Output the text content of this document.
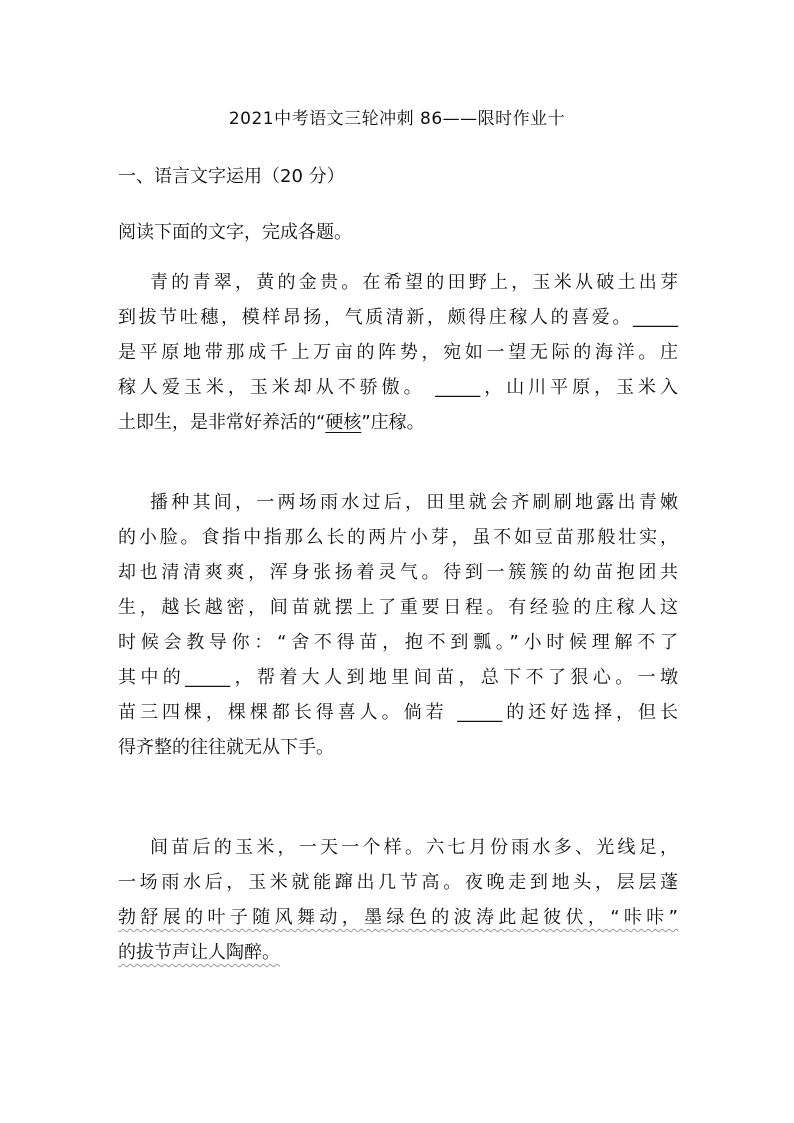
2021中考语文三轮冲刺 86——限时作业十
一、语言文字运用（20 分）
阅读下面的文字，完成各题。
青的青翠，黄的金贵。在希望的田野上，玉米从破土出芽
到拔节吐穗，模样昂扬，气质清新，颇得庄稼人的喜爱。_____
是平原地带那成千上万亩的阵势，宛如一望无际的海洋。庄
稼人爱玉米，玉米却从不骄傲。 _____，山川平原，玉米入
土即生，是非常好养活的“硬核”庄稼。
播种其间，一两场雨水过后，田里就会齐刷刷地露出青嫩
的小脸。食指中指那么长的两片小芽，虽不如豆苗那般壮实，
却也清清爽爽，浑身张扬着灵气。待到一簇簇的幼苗抱团共
生，越长越密，间苗就摆上了重要日程。有经验的庄稼人这
时候会教导你：“舍不得苗，抱不到瓢。”小时候理解不了
其中的_____，帮着大人到地里间苗，总下不了狠心。一墩
苗三四棵，棵棵都长得喜人。倘若 _____的还好选择，但长
得齐整的往往就无从下手。
间苗后的玉米，一天一个样。六七月份雨水多、光线足，
一场雨水后，玉米就能蹿出几节高。夜晚走到地头，层层蓬
勃舒展的叶子随风舞动，墨绿色的波涛此起彼伏，“咔咔”
的拔节声让人陶醉。
